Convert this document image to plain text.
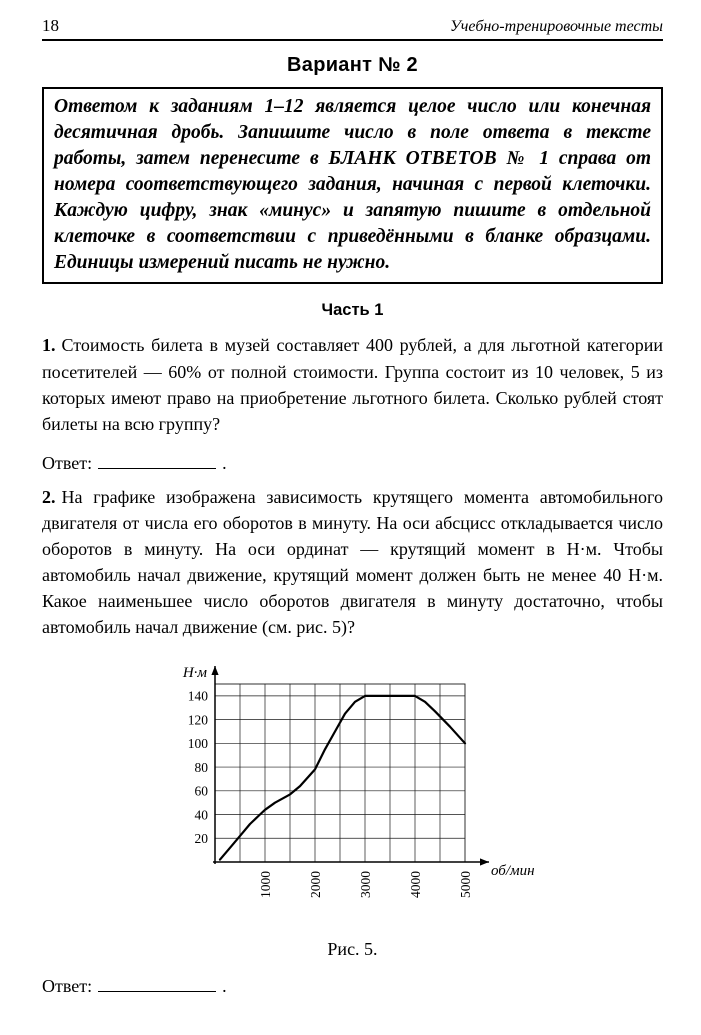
18	Учебно-тренировочные тесты
Вариант № 2
Ответом к заданиям 1–12 является целое число или конечная десятичная дробь. Запишите число в поле ответа в тексте работы, затем перенесите в БЛАНК ОТВЕТОВ № 1 справа от номера соответствующего задания, начиная с первой клеточки. Каждую цифру, знак «минус» и запятую пишите в отдельной клеточке в соответствии с приведёнными в бланке образцами. Единицы измерений писать не нужно.
Часть 1

1. Стоимость билета в музей составляет 400 рублей, а для льготной категории посетителей — 60% от полной стоимости. Группа состоит из 10 человек, 5 из которых имеют право на приобретение льготного билета. Сколько рублей стоят билеты на всю группу?

Ответ:	.

2. На графике изображена зависимость крутящего момента автомобильного двигателя от числа его оборотов в минуту. На оси абсцисс откладывается число оборотов в минуту. На оси ординат — крутящий момент в Н·м. Чтобы автомобиль начал движение, крутящий момент должен быть не менее 40 Н·м. Какое наименьшее число оборотов двигателя в минуту достаточно, чтобы автомобиль начал движение (см. рис. 5)?

20
40
60
80
100
120
140
1000	2000	3000	4000	5000
Н·м
об/мин
Рис. 5.

Ответ:	.
